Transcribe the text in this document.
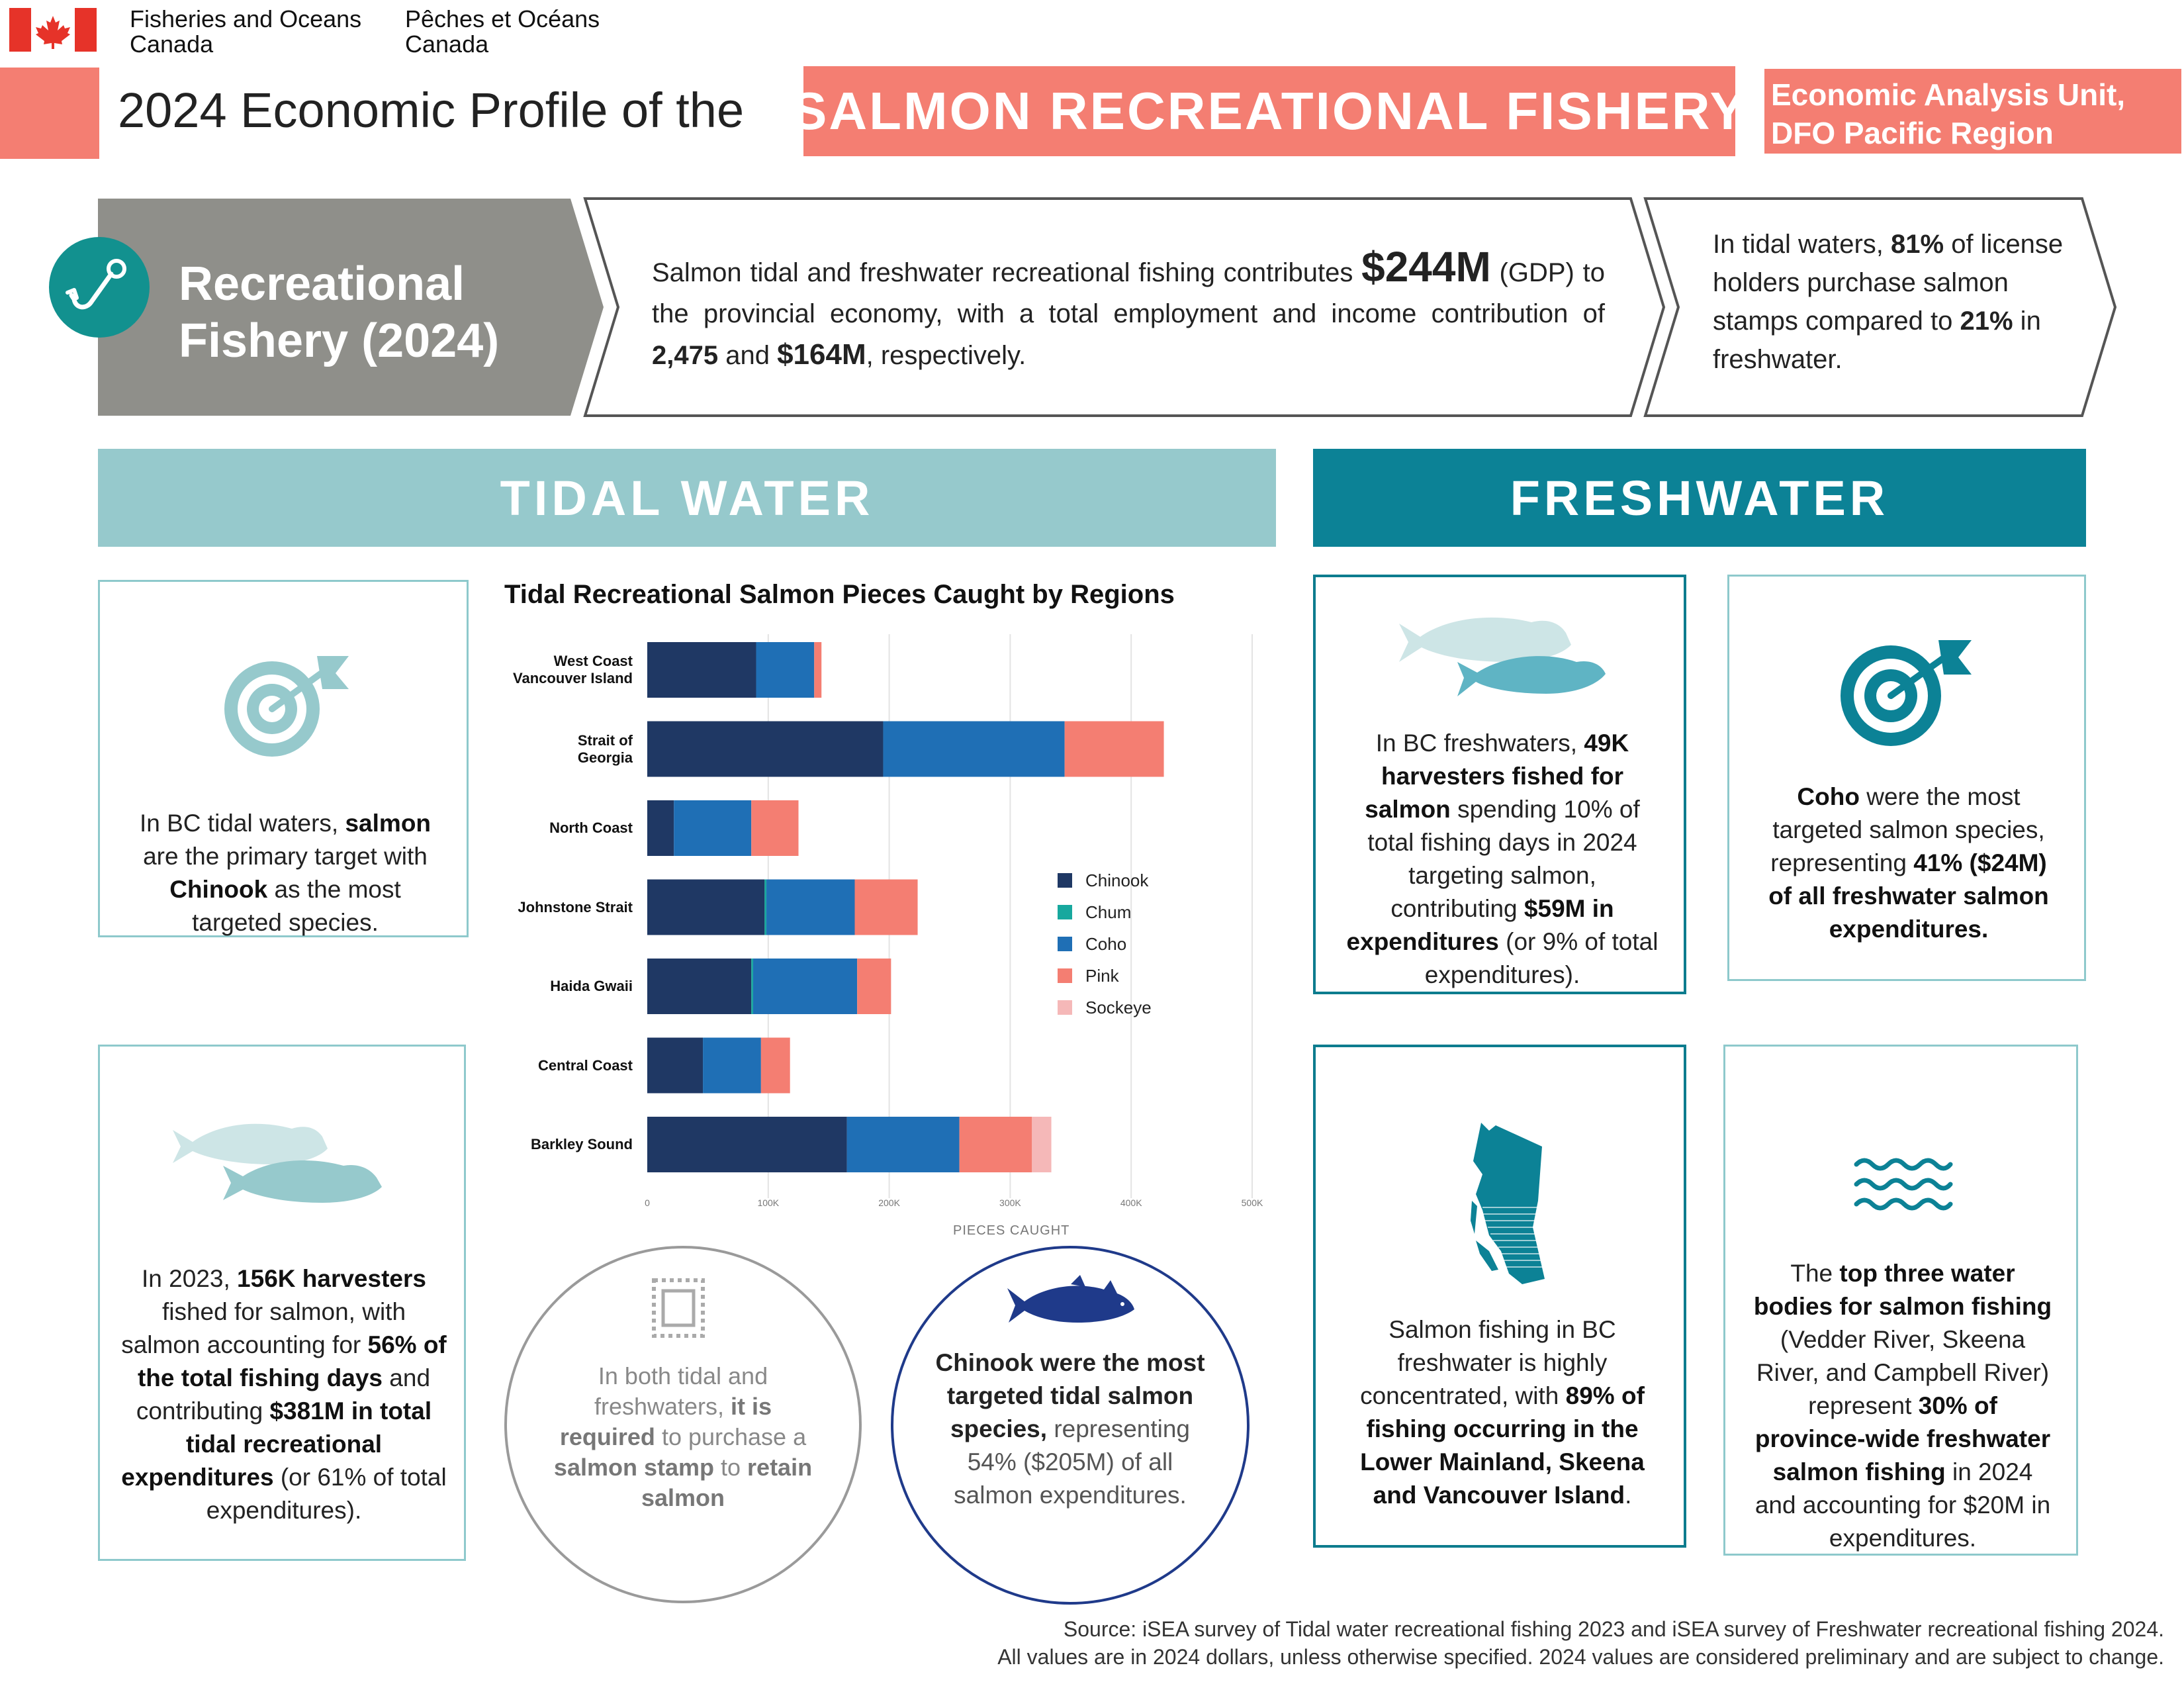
Fisheries and Oceans
Canada
Pêches et Océans
Canada
2024 Economic Profile of the SALMON RECREATIONAL FISHERY Economic Analysis Unit,
DFO Pacific Region
Recreational
Fishery (2024)
Salmon tidal and freshwater recreational fishing contributes $244M (GDP) to the provincial economy, with a total employment and income contribution of 2,475 and $164M, respectively.
In tidal waters, 81% of license holders purchase salmon stamps compared to 21% in freshwater.
TIDAL WATER	FRESHWATER
In BC tidal waters, salmon are the primary target with Chinook as the most targeted species.
In 2023, 156K harvesters fished for salmon, with salmon accounting for 56% of the total fishing days and contributing $381M in total tidal recreational expenditures (or 61% of total expenditures).
Tidal Recreational Salmon Pieces Caught by Regions
0	100K	200K	300K	400K	500K
West Coast
Vancouver Island
Strait of
Georgia
North Coast
Johnstone Strait
Haida Gwaii
Central Coast
Barkley Sound
PIECES CAUGHT
Chinook
Chum
Coho
Pink
Sockeye
In both tidal and freshwaters, it is required to purchase a salmon stamp to retain salmon
Chinook were the most targeted tidal salmon species, representing 54% ($205M) of all salmon expenditures.
In BC freshwaters, 49K harvesters fished for salmon spending 10% of total fishing days in 2024 targeting salmon, contributing $59M in expenditures (or 9% of total expenditures).
Coho were the most targeted salmon species, representing 41% ($24M) of all freshwater salmon expenditures.
Salmon fishing in BC freshwater is highly concentrated, with 89% of fishing occurring in the Lower Mainland, Skeena and Vancouver Island.
The top three water bodies for salmon fishing (Vedder River, Skeena River, and Campbell River) represent 30% of province-wide freshwater salmon fishing in 2024 and accounting for $20M in expenditures.
Source: iSEA survey of Tidal water recreational fishing 2023 and iSEA survey of Freshwater recreational fishing 2024.
All values are in 2024 dollars, unless otherwise specified. 2024 values are considered preliminary and are subject to change.
